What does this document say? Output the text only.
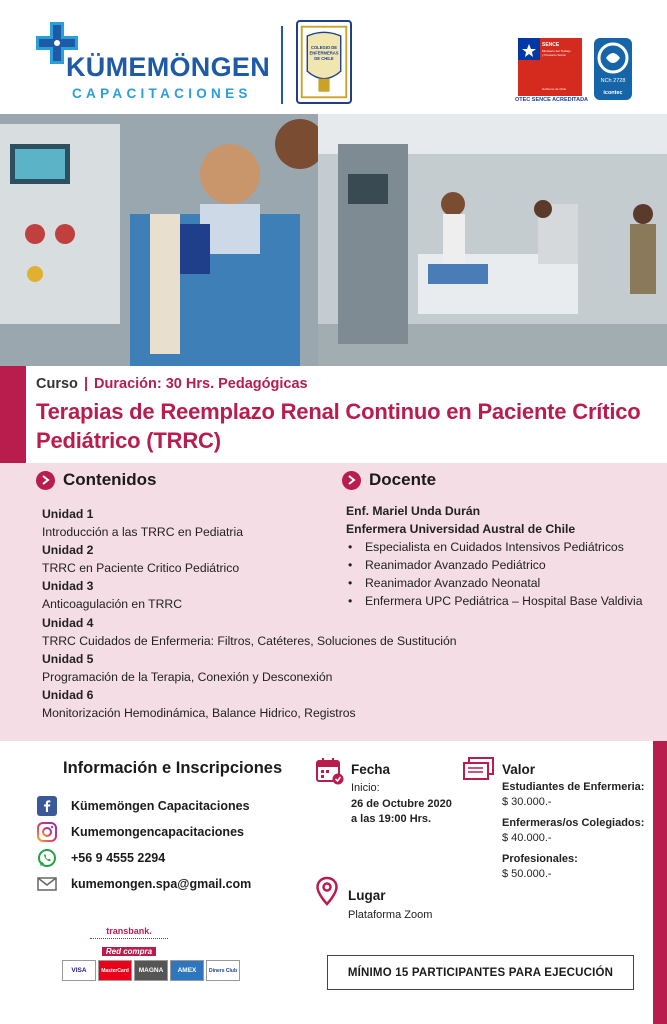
KÜMEMÖNGEN
CAPACITACIONES
COLEGIO DE
ENFERMERAS
DE CHILE
SENCE
Ministerio del Trabajo
y Previsión Social
Gobierno de Chile
OTEC SENCE ACREDITADA
NCh 2728
icontec
Curso | Duración: 30 Hrs. Pedagógicas
Terapias de Reemplazo Renal Continuo en Paciente Crítico Pediátrico (TRRC)
Contenidos	Docente
Unidad 1
Introducción a las TRRC en Pediatria
Unidad 2
TRRC en Paciente Critico Pediátrico
Unidad 3
Anticoagulación en TRRC
Unidad 4
TRRC Cuidados de Enfermeria: Filtros, Catéteres, Soluciones de Sustitución
Unidad 5
Programación de la Terapia, Conexión y Desconexión
Unidad 6
Monitorización Hemodinámica, Balance Hidrico, Registros
Enf. Mariel Unda Durán
Enfermera Universidad Austral de Chile
• Especialista en Cuidados Intensivos Pediátricos
• Reanimador Avanzado Pediátrico
• Reanimador Avanzado Neonatal
• Enfermera UPC Pediátrica – Hospital Base Valdivia
Información e Inscripciones
Kümemöngen Capacitaciones
Kumemongencapacitaciones
+56 9 4555 2294
kumemongen.spa@gmail.com
Fecha
Inicio:
26 de Octubre 2020
a las 19:00 Hrs.
Lugar
Plataforma Zoom
Valor
Estudiantes de Enfermeria:
$ 30.000.-
Enfermeras/os Colegiados:
$ 40.000.-
Profesionales:
$ 50.000.-
transbank.
Red compra
VISA	MasterCard	MAGNA	AMEX	Diners Club	MÍNIMO 15 PARTICIPANTES PARA EJECUCIÓN
